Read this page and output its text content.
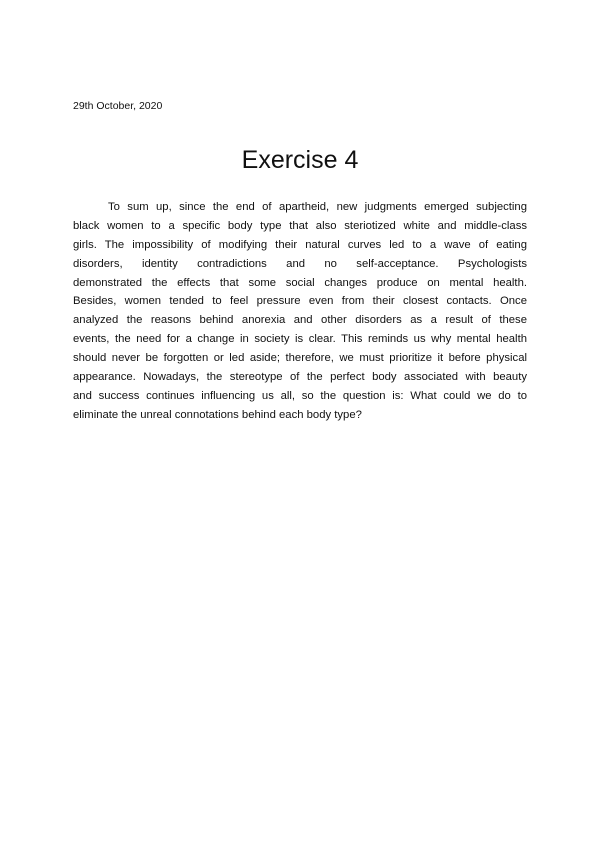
29th October, 2020
Exercise 4
To sum up, since the end of apartheid, new judgments emerged subjecting
black women to a specific body type that also steriotized white and middle-class
girls. The impossibility of modifying their natural curves led to a wave of eating
disorders, identity contradictions and no self-acceptance. Psychologists
demonstrated the effects that some social changes produce on mental health.
Besides, women tended to feel pressure even from their closest contacts. Once
analyzed the reasons behind anorexia and other disorders as a result of these
events, the need for a change in society is clear. This reminds us why mental health
should never be forgotten or led aside; therefore, we must prioritize it before physical
appearance. Nowadays, the stereotype of the perfect body associated with beauty
and success continues influencing us all, so the question is: What could we do to
eliminate the unreal connotations behind each body type?
